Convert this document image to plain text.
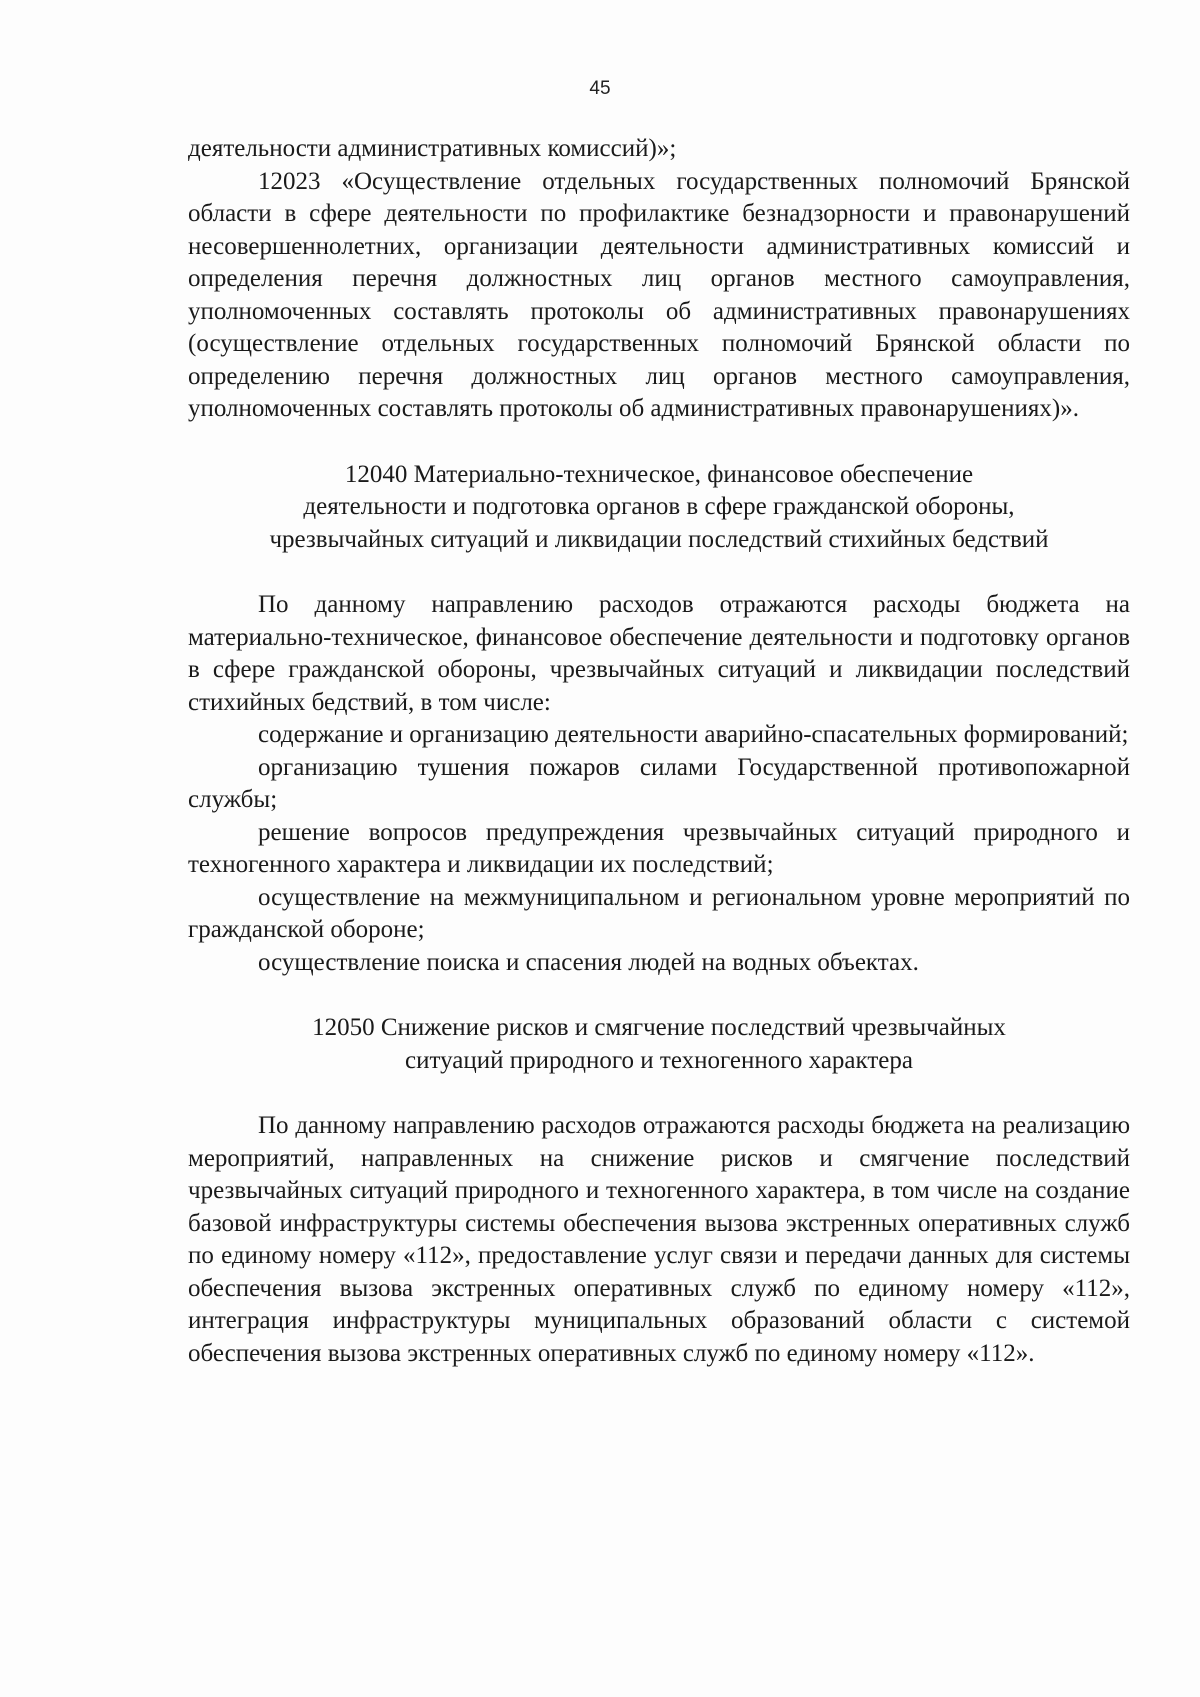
45

деятельности административных комиссий)»;

12023 «Осуществление отдельных государственных полномочий Брянской области в сфере деятельности по профилактике безнадзорности и правонарушений несовершеннолетних, организации деятельности административных комиссий и определения перечня должностных лиц органов местного самоуправления, уполномоченных составлять протоколы об административных правонарушениях (осуществление отдельных государственных полномочий Брянской области по определению перечня должностных лиц органов местного самоуправления, уполномоченных составлять протоколы об административных правонарушениях)».

12040 Материально-техническое, финансовое обеспечение
деятельности и подготовка органов в сфере гражданской обороны,
чрезвычайных ситуаций и ликвидации последствий стихийных бедствий

По данному направлению расходов отражаются расходы бюджета на материально-техническое, финансовое обеспечение деятельности и подготовку органов в сфере гражданской обороны, чрезвычайных ситуаций и ликвидации последствий стихийных бедствий, в том числе:

содержание и организацию деятельности аварийно-спасательных формирований;

организацию тушения пожаров силами Государственной противопожарной службы;

решение вопросов предупреждения чрезвычайных ситуаций природного и техногенного характера и ликвидации их последствий;

осуществление на межмуниципальном и региональном уровне мероприятий по гражданской обороне;

осуществление поиска и спасения людей на водных объектах.

12050 Снижение рисков и смягчение последствий чрезвычайных
ситуаций природного и техногенного характера

По данному направлению расходов отражаются расходы бюджета на реализацию мероприятий, направленных на снижение рисков и смягчение последствий чрезвычайных ситуаций природного и техногенного характера, в том числе на создание базовой инфраструктуры системы обеспечения вызова экстренных оперативных служб по единому номеру «112», предоставление услуг связи и передачи данных для системы обеспечения вызова экстренных оперативных служб по единому номеру «112», интеграция инфраструктуры муниципальных образований области с системой обеспечения вызова экстренных оперативных служб по единому номеру «112».
